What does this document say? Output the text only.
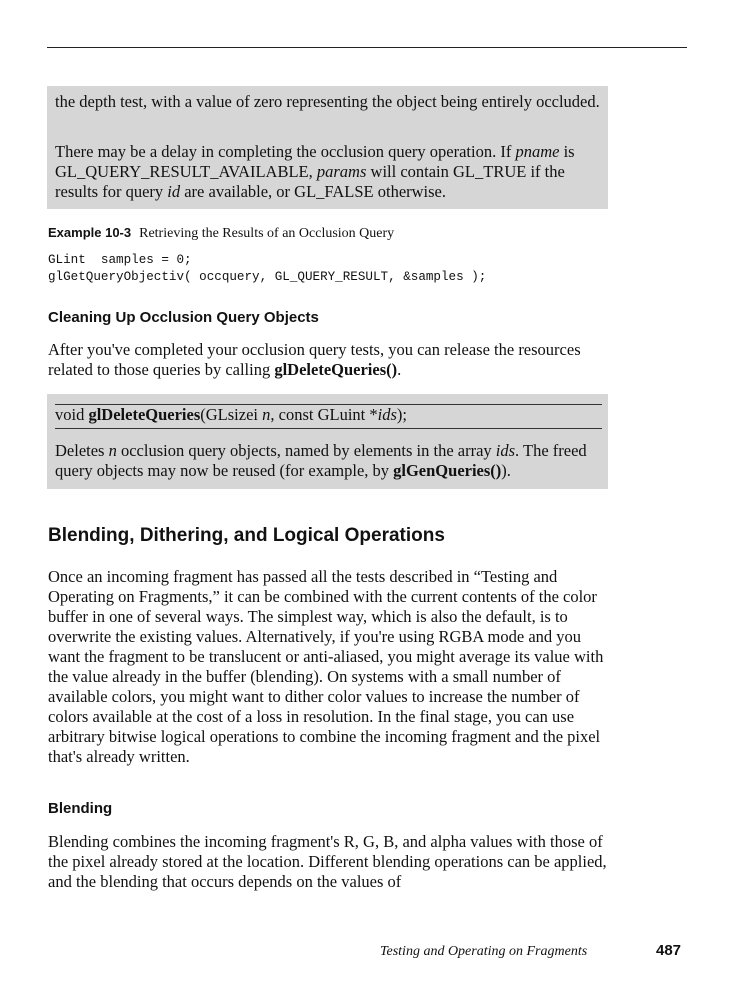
the depth test, with a value of zero representing the object being entirely occluded.

There may be a delay in completing the occlusion query operation. If pname is GL_QUERY_RESULT_AVAILABLE, params will contain GL_TRUE if the results for query id are available, or GL_FALSE otherwise.

Example 10-3 Retrieving the Results of an Occlusion Query
GLint  samples = 0;
glGetQueryObjectiv( occquery, GL_QUERY_RESULT, &samples );
Cleaning Up Occlusion Query Objects

After you've completed your occlusion query tests, you can release the resources related to those queries by calling glDeleteQueries().

void glDeleteQueries(GLsizei n, const GLuint *ids);

Deletes n occlusion query objects, named by elements in the array ids. The freed query objects may now be reused (for example, by glGenQueries()).

Blending, Dithering, and Logical Operations

Once an incoming fragment has passed all the tests described in “Testing and Operating on Fragments,” it can be combined with the current contents of the color buffer in one of several ways. The simplest way, which is also the default, is to overwrite the existing values. Alternatively, if you're using RGBA mode and you want the fragment to be translucent or anti-aliased, you might average its value with the value already in the buffer (blending). On systems with a small number of available colors, you might want to dither color values to increase the number of colors available at the cost of a loss in resolution. In the final stage, you can use arbitrary bitwise logical operations to combine the incoming fragment and the pixel that's already written.

Blending

Blending combines the incoming fragment's R, G, B, and alpha values with those of the pixel already stored at the location. Different blending operations can be applied, and the blending that occurs depends on the values of

Testing and Operating on Fragments	487
